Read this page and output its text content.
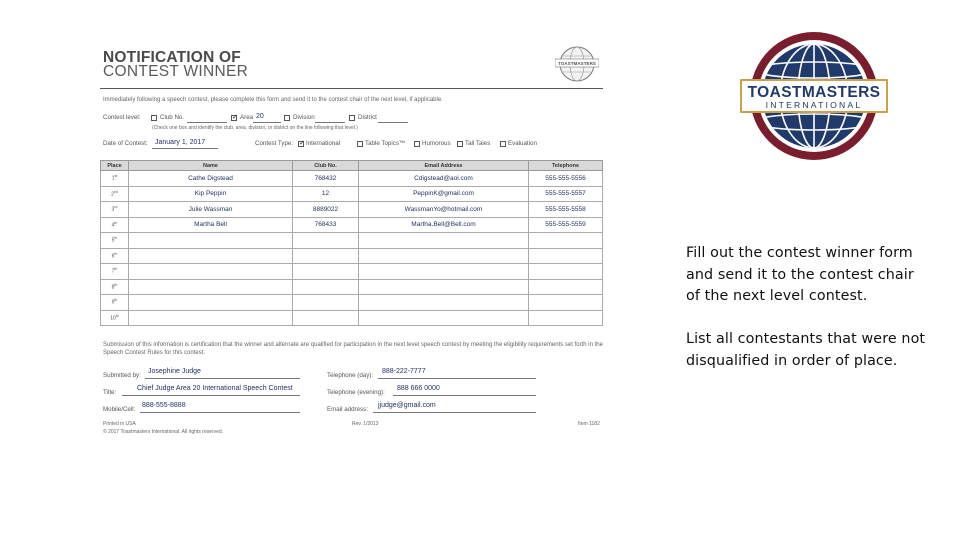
NOTIFICATION OF
CONTEST WINNER	TOASTMASTERS
Immediately following a speech contest, please complete this form and send it to the contest chair of the next level, if applicable.
Contest level:	Club No. ✓	Area 20	Division	District
(Check one box and identify the club, area, division, or district on the line following that level.)
Date of Contest: January 1, 2017	Contest Type: ✓ International	Table Topics™	Humorous Tall Tales	Evaluation
Place	Name	Club No.	Email Address	Telephone
1st	Cathe Digstead	768432	Cdigstead@aol.com	555-555-5556
2nd	Kip Peppin	12	PeppinK@gmail.com	555-555-5557
3rd	Julie Wassman	8889022	WassmanYo@hotmail.com	555-555-5558
4th	Martha Bell	768433	Martha.Bell@Bell.com	555-555-5559
5th				
6th				
7th				
8th				
9th				
10th				
Submission of this information is certification that the winner and alternate are qualified for participation in the next level speech contest by meeting the eligibility requirements set forth in the Speech Contest Rules for this contest.
Submitted by:
Josephine Judge
Title:
Chief Judge Area 20 International Speech Contest
Mobile/Cell:
888-555-8888
Telephone (day):
888-222-7777
Telephone (evening):
888 666 0000
Email address:
jjudge@gmail.com
Printed in USA
© 2017 Toastmasters International. All rights reserved.
Rev. 1/2013	Item 1182
TOASTMASTERS
INTERNATIONAL

Fill out the contest winner form and send it to the contest chair of the next level contest.

List all contestants that were not disqualified in order of place.
